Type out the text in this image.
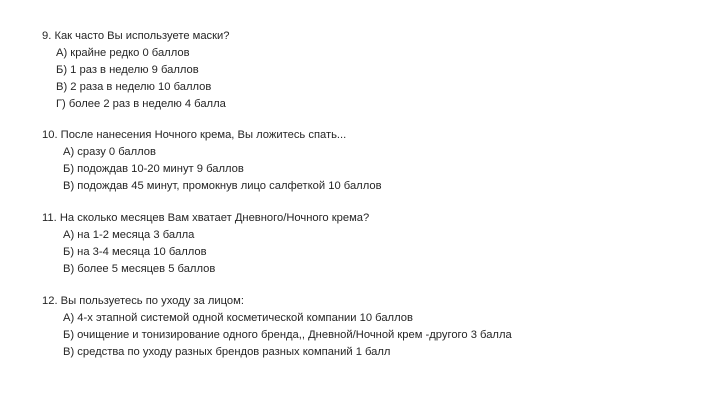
9. Как часто Вы используете маски?
А) крайне редко 0 баллов
Б) 1 раз в неделю 9 баллов
В) 2 раза в неделю 10 баллов
Г) более 2 раз в неделю 4 балла
10. После нанесения Ночного крема, Вы ложитесь спать...
А) сразу 0 баллов
Б) подождав 10-20 минут 9 баллов
В) подождав 45 минут, промокнув лицо салфеткой 10 баллов
11. На сколько месяцев Вам хватает Дневного/Ночного крема?
А) на 1-2 месяца 3 балла
Б) на 3-4 месяца 10 баллов
В) более 5 месяцев 5 баллов
12. Вы пользуетесь по уходу за лицом:
А) 4-х этапной системой одной косметической компании 10 баллов
Б) очищение и тонизирование одного бренда,, Дневной/Ночной крем -другого 3 балла
В) средства по уходу разных брендов разных компаний 1 балл
